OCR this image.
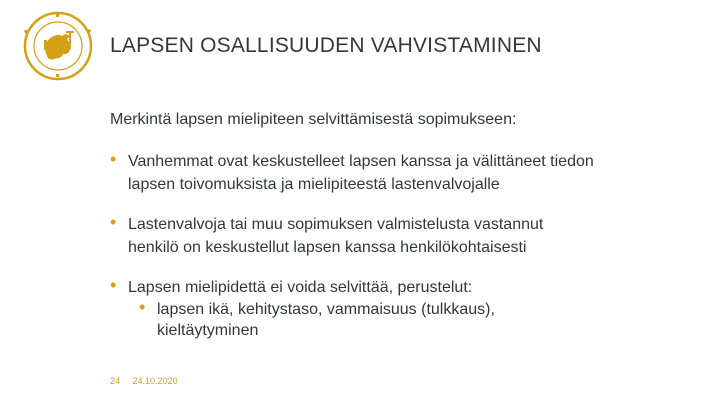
LAPSEN OSALLISUUDEN VAHVISTAMINEN
Merkintä lapsen mielipiteen selvittämisestä sopimukseen:
• Vanhemmat ovat keskustelleet lapsen kanssa ja välittäneet tiedon
lapsen toivomuksista ja mielipiteestä lastenvalvojalle
• Lastenvalvoja tai muu sopimuksen valmistelusta vastannut
henkilö on keskustellut lapsen kanssa henkilökohtaisesti
• Lapsen mielipidettä ei voida selvittää, perustelut:
• lapsen ikä, kehitystaso, vammaisuus (tulkkaus),
kieltäytyminen
24 24.10.2020
